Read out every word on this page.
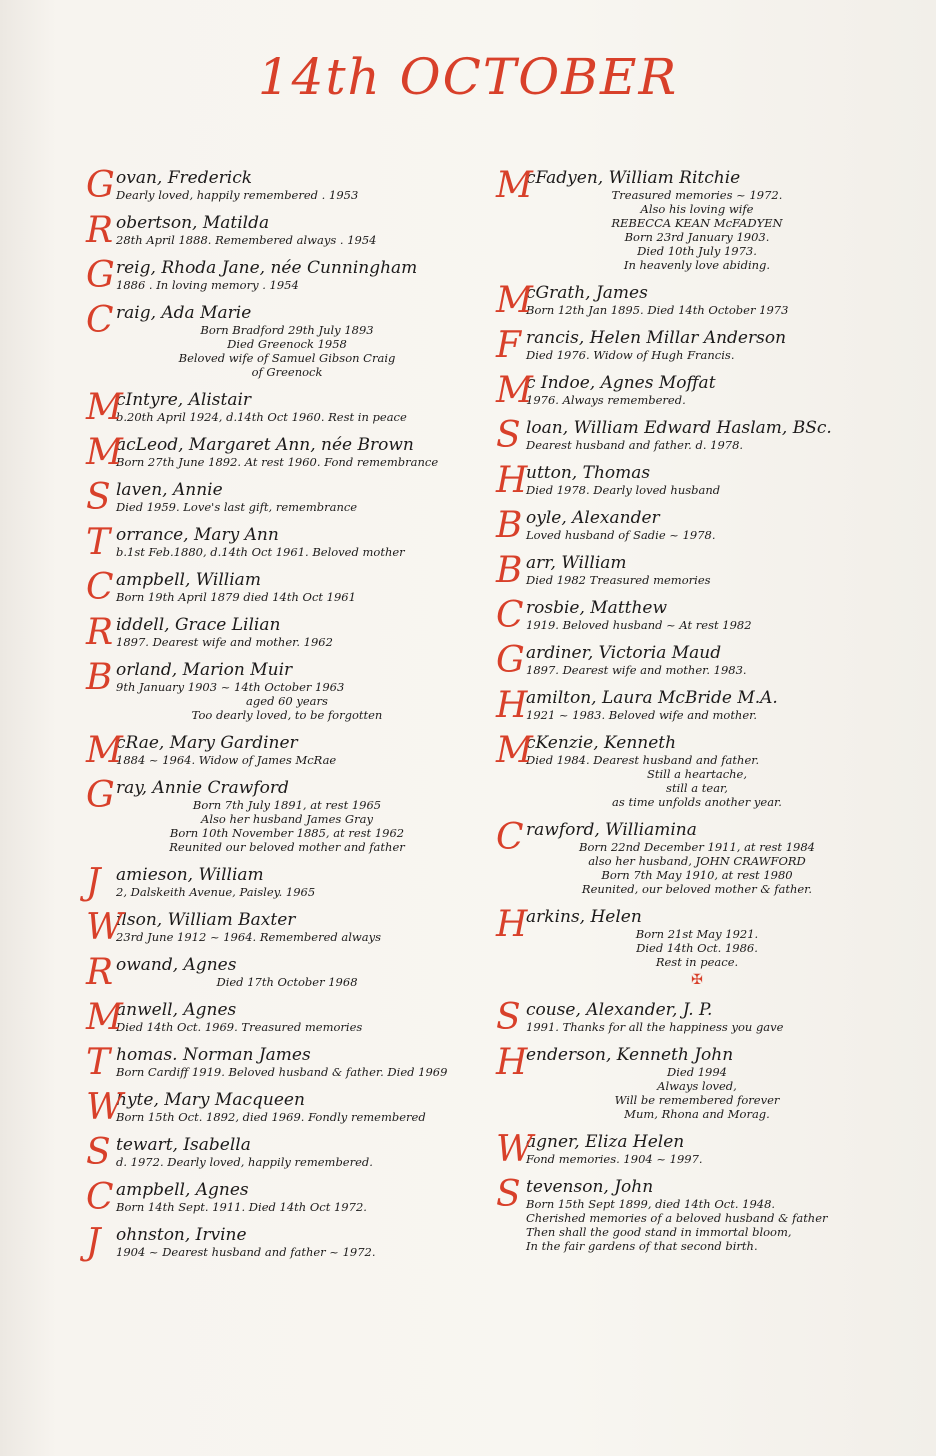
14th OCTOBER
G ovan, Frederick
Dearly loved, happily remembered . 1953
R obertson, Matilda
28th April 1888. Remembered always . 1954
G reig, Rhoda Jane, née Cunningham
1886 . In loving memory . 1954
C raig, Ada Marie
Born Bradford 29th July 1893
Died Greenock 1958
Beloved wife of Samuel Gibson Craig
of Greenock
M
cIntyre, Alistair
b.20th April 1924, d.14th Oct 1960. Rest in peace
M
acLeod, Margaret Ann, née Brown
Born 27th June 1892. At rest 1960. Fond remembrance
S laven, Annie
Died 1959. Love's last gift, remembrance
T orrance, Mary Ann
b.1st Feb.1880, d.14th Oct 1961. Beloved mother
C ampbell, William
Born 19th April 1879 died 14th Oct 1961
R iddell, Grace Lilian
1897. Dearest wife and mother. 1962
B orland, Marion Muir
9th January 1903 ~ 14th October 1963
aged 60 years
Too dearly loved, to be forgotten
M
cRae, Mary Gardiner
1884 ~ 1964. Widow of James McRae
G ray, Annie Crawford
Born 7th July 1891, at rest 1965
Also her husband James Gray
Born 10th November 1885, at rest 1962
Reunited our beloved mother and father
J amieson, William
2, Dalskeith Avenue, Paisley. 1965
W
ilson, William Baxter
23rd June 1912 ~ 1964. Remembered always
R owand, Agnes
Died 17th October 1968
M
anwell, Agnes
Died 14th Oct. 1969. Treasured memories
T homas. Norman James
Born Cardiff 1919. Beloved husband & father. Died 1969
W
hyte, Mary Macqueen
Born 15th Oct. 1892, died 1969. Fondly remembered
S tewart, Isabella
d. 1972. Dearly loved, happily remembered.
C ampbell, Agnes
Born 14th Sept. 1911. Died 14th Oct 1972.
J ohnston, Irvine
1904 ~ Dearest husband and father ~ 1972.
M
cFadyen, William Ritchie
Treasured memories ~ 1972.
Also his loving wife
REBECCA KEAN McFADYEN
Born 23rd January 1903.
Died 10th July 1973.
In heavenly love abiding.
M
cGrath, James
Born 12th Jan 1895. Died 14th October 1973
F rancis, Helen Millar Anderson
Died 1976. Widow of Hugh Francis.
M
c Indoe, Agnes Moffat
1976. Always remembered.
S loan, William Edward Haslam, BSc.
Dearest husband and father. d. 1978.
H
utton, Thomas
Died 1978. Dearly loved husband
B oyle, Alexander
Loved husband of Sadie ~ 1978.
B arr, William
Died 1982 Treasured memories
C rosbie, Matthew
1919. Beloved husband ~ At rest 1982
G ardiner, Victoria Maud
1897. Dearest wife and mother. 1983.
H
amilton, Laura McBride M.A.
1921 ~ 1983. Beloved wife and mother.
M
cKenzie, Kenneth
Died 1984. Dearest husband and father.
Still a heartache,
still a tear,
as time unfolds another year.
C rawford, Williamina
Born 22nd December 1911, at rest 1984
also her husband, JOHN CRAWFORD
Born 7th May 1910, at rest 1980
Reunited, our beloved mother & father.
H
arkins, Helen
Born 21st May 1921.
Died 14th Oct. 1986.
Rest in peace.
✠
S couse, Alexander, J. P.
1991. Thanks for all the happiness you gave
H
enderson, Kenneth John
Died 1994
Always loved,
Will be remembered forever
Mum, Rhona and Morag.
W
agner, Eliza Helen
Fond memories. 1904 ~ 1997.
S tevenson, John
Born 15th Sept 1899, died 14th Oct. 1948.
Cherished memories of a beloved husband & father
Then shall the good stand in immortal bloom,
In the fair gardens of that second birth.
